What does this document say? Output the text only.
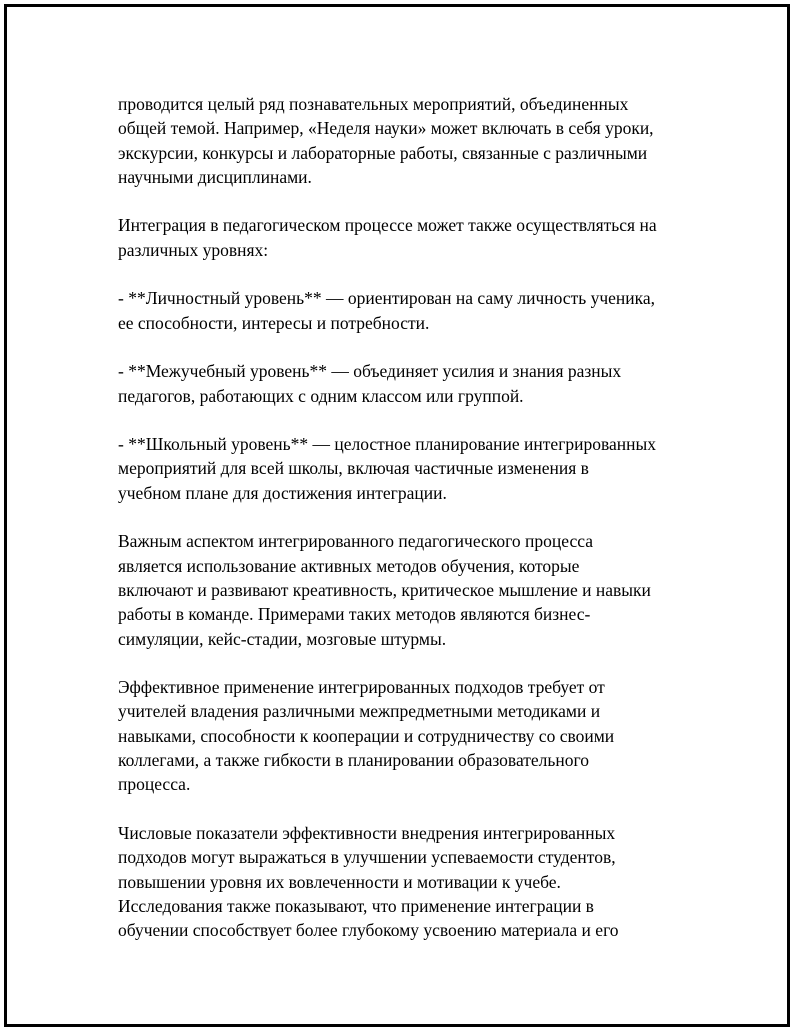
проводится целый ряд познавательных мероприятий, объединенных
общей темой. Например, «Неделя науки» может включать в себя уроки,
экскурсии, конкурсы и лабораторные работы, связанные с различными
научными дисциплинами.
Интеграция в педагогическом процессе может также осуществляться на
различных уровнях:
- **Личностный уровень** — ориентирован на саму личность ученика,
ее способности, интересы и потребности.
- **Межучебный уровень** — объединяет усилия и знания разных
педагогов, работающих с одним классом или группой.
- **Школьный уровень** — целостное планирование интегрированных
мероприятий для всей школы, включая частичные изменения в
учебном плане для достижения интеграции.
Важным аспектом интегрированного педагогического процесса
является использование активных методов обучения, которые
включают и развивают креативность, критическое мышление и навыки
работы в команде. Примерами таких методов являются бизнес-
симуляции, кейс-стадии, мозговые штурмы.
Эффективное применение интегрированных подходов требует от
учителей владения различными межпредметными методиками и
навыками, способности к кооперации и сотрудничеству со своими
коллегами, а также гибкости в планировании образовательного
процесса.
Числовые показатели эффективности внедрения интегрированных
подходов могут выражаться в улучшении успеваемости студентов,
повышении уровня их вовлеченности и мотивации к учебе.
Исследования также показывают, что применение интеграции в
обучении способствует более глубокому усвоению материала и его
